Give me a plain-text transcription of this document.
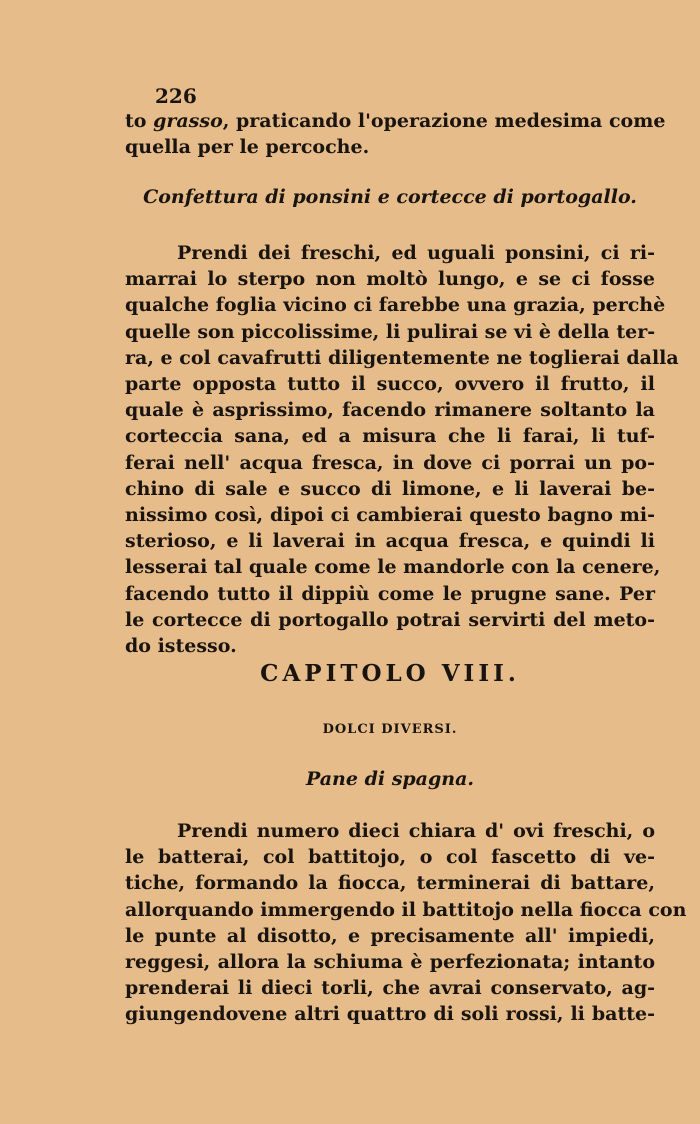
226
to grasso, praticando l'operazione medesima come
quella per le percoche.
Confettura di ponsini e cortecce di portogallo.
Prendi dei freschi, ed uguali ponsini, ci ri-
marrai lo sterpo non moltò lungo, e se ci fosse
qualche foglia vicino ci farebbe una grazia, perchè
quelle son piccolissime, li pulirai se vi è della ter-
ra, e col cavafrutti diligentemente ne toglierai dalla
parte opposta tutto il succo, ovvero il frutto, il
quale è asprissimo, facendo rimanere soltanto la
corteccia sana, ed a misura che li farai, li tuf-
ferai nell' acqua fresca, in dove ci porrai un po-
chino di sale e succo di limone, e li laverai be-
nissimo così, dipoi ci cambierai questo bagno mi-
sterioso, e li laverai in acqua fresca, e quindi li
lesserai tal quale come le mandorle con la cenere,
facendo tutto il dippiù come le prugne sane. Per
le cortecce di portogallo potrai servirti del meto-
do istesso.
CAPITOLO VIII.
DOLCI DIVERSI.
Pane di spagna.
Prendi numero dieci chiara d' ovi freschi, o
le batterai, col battitojo, o col fascetto di ve-
tiche, formando la fiocca, terminerai di battare,
allorquando immergendo il battitojo nella fiocca con
le punte al disotto, e precisamente all' impiedi,
reggesi, allora la schiuma è perfezionata; intanto
prenderai li dieci torli, che avrai conservato, ag-
giungendovene altri quattro di soli rossi, li batte-
